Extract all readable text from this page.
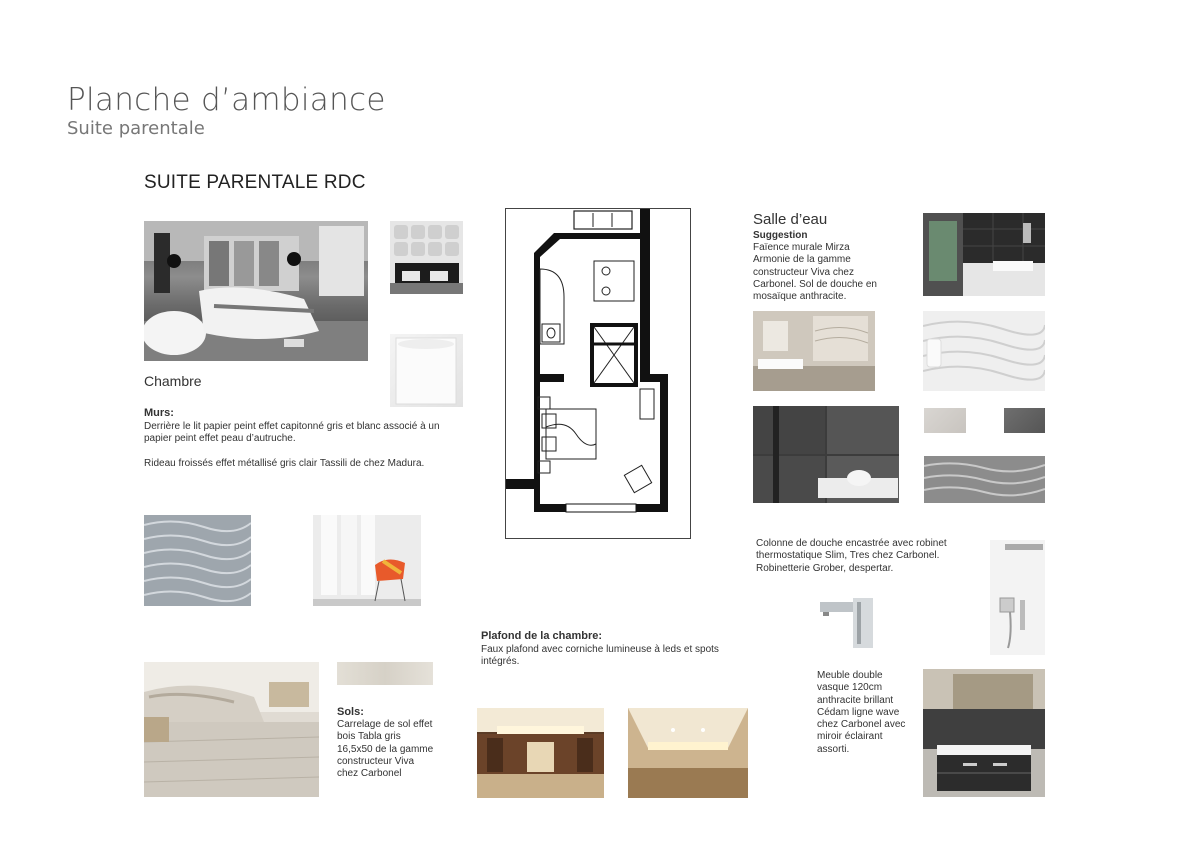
Planche d’ambiance
Suite parentale
SUITE PARENTALE RDC
Chambre
Murs:
Derrière le lit papier peint effet capitonné gris et blanc associé à un papier peint effet peau d’autruche.
Rideau froissés effet métallisé gris clair Tassili de chez Madura.
Sols:
Carrelage de sol effet bois Tabla gris 16,5x50 de la gamme constructeur Viva chez Carbonel
Plafond de la chambre:
Faux plafond avec corniche lumineuse à leds et spots intégrés.
Salle d’eau
Suggestion
Faïence murale Mirza Armonie de la gamme constructeur Viva chez Carbonel. Sol de douche en mosaïque anthracite.
Colonne de douche encastrée avec robinet thermostatique Slim, Tres chez Carbonel. Robinetterie Grober, despertar.
Meuble double vasque 120cm anthracite brillant Cédam ligne wave chez Carbonel avec miroir éclairant assorti.
